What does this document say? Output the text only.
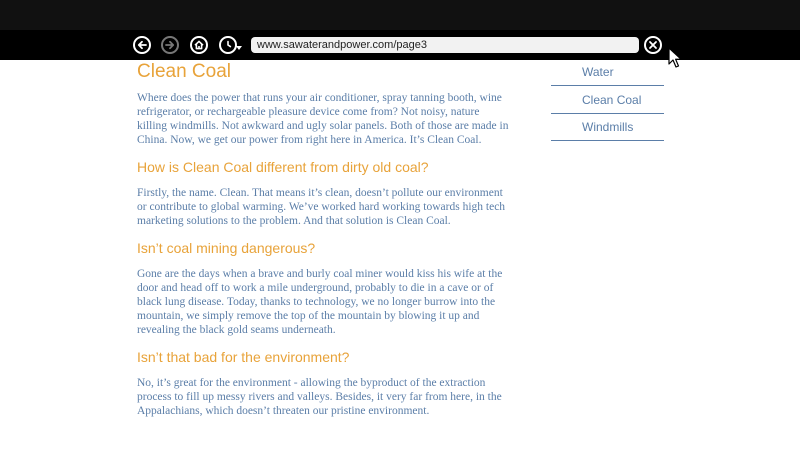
www.sawaterandpower.com/page3
Clean Coal

Where does the power that runs your air conditioner, spray tanning booth, wine refrigerator, or rechargeable pleasure device come from? Not noisy, nature killing windmills. Not awkward and ugly solar panels. Both of those are made in China. Now, we get our power from right here in America. It’s Clean Coal.

How is Clean Coal different from dirty old coal?

Firstly, the name. Clean. That means it’s clean, doesn’t pollute our environment or contribute to global warming. We’ve worked hard working towards high tech marketing solutions to the problem. And that solution is Clean Coal.

Isn’t coal mining dangerous?

Gone are the days when a brave and burly coal miner would kiss his wife at the door and head off to work a mile underground, probably to die in a cave or of black lung disease. Today, thanks to technology, we no longer burrow into the mountain, we simply remove the top of the mountain by blowing it up and revealing the black gold seams underneath.

Isn’t that bad for the environment?

No, it’s great for the environment - allowing the byproduct of the extraction process to fill up messy rivers and valleys. Besides, it very far from here, in the Appalachians, which doesn’t threaten our pristine environment.

Water
Clean Coal
Windmills
